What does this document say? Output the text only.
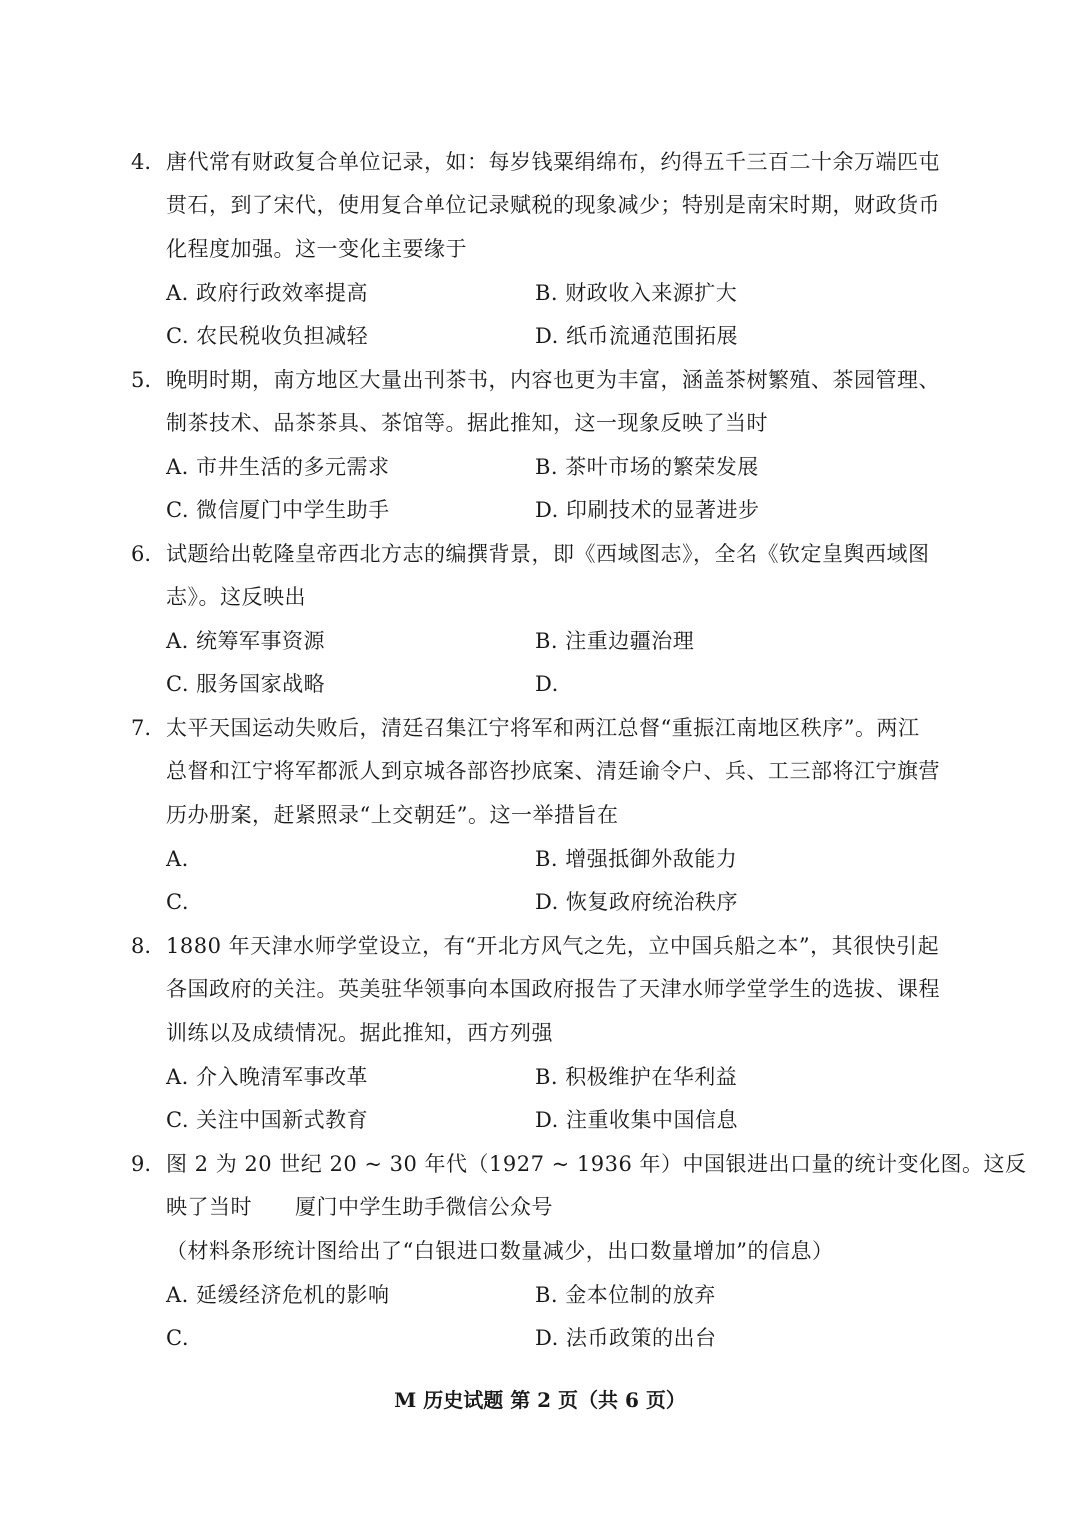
4. 唐代常有财政复合单位记录，如：每岁钱粟绢绵布，约得五千三百二十余万端匹屯
贯石，到了宋代，使用复合单位记录赋税的现象减少；特别是南宋时期，财政货币
化程度加强。这一变化主要缘于
A. 政府行政效率提高	B. 财政收入来源扩大
C. 农民税收负担减轻	D. 纸币流通范围拓展
5. 晚明时期，南方地区大量出刊茶书，内容也更为丰富，涵盖茶树繁殖、茶园管理、
制茶技术、品茶茶具、茶馆等。据此推知，这一现象反映了当时
A. 市井生活的多元需求	B. 茶叶市场的繁荣发展
C. 微信厦门中学生助手	D. 印刷技术的显著进步
6. 试题给出乾隆皇帝西北方志的编撰背景，即《西域图志》，全名《钦定皇舆西域图
志》。这反映出
A. 统筹军事资源	B. 注重边疆治理
C. 服务国家战略	D.
7. 太平天国运动失败后，清廷召集江宁将军和两江总督“重振江南地区秩序”。两江
总督和江宁将军都派人到京城各部咨抄底案、清廷谕令户、兵、工三部将江宁旗营
历办册案，赶紧照录“上交朝廷”。这一举措旨在
A.	B. 增强抵御外敌能力
C.	D. 恢复政府统治秩序
8. 1880 年天津水师学堂设立，有“开北方风气之先，立中国兵船之本”，其很快引起
各国政府的关注。英美驻华领事向本国政府报告了天津水师学堂学生的选拔、课程
训练以及成绩情况。据此推知，西方列强
A. 介入晚清军事改革	B. 积极维护在华利益
C. 关注中国新式教育	D. 注重收集中国信息
9. 图 2 为 20 世纪 20 ~ 30 年代（1927 ~ 1936 年）中国银进出口量的统计变化图。这反
映了当时　　厦门中学生助手微信公众号
（材料条形统计图给出了“白银进口数量减少，出口数量增加”的信息）
A. 延缓经济危机的影响	B. 金本位制的放弃
C.	D. 法币政策的出台
M 历史试题 第 2 页（共 6 页）
